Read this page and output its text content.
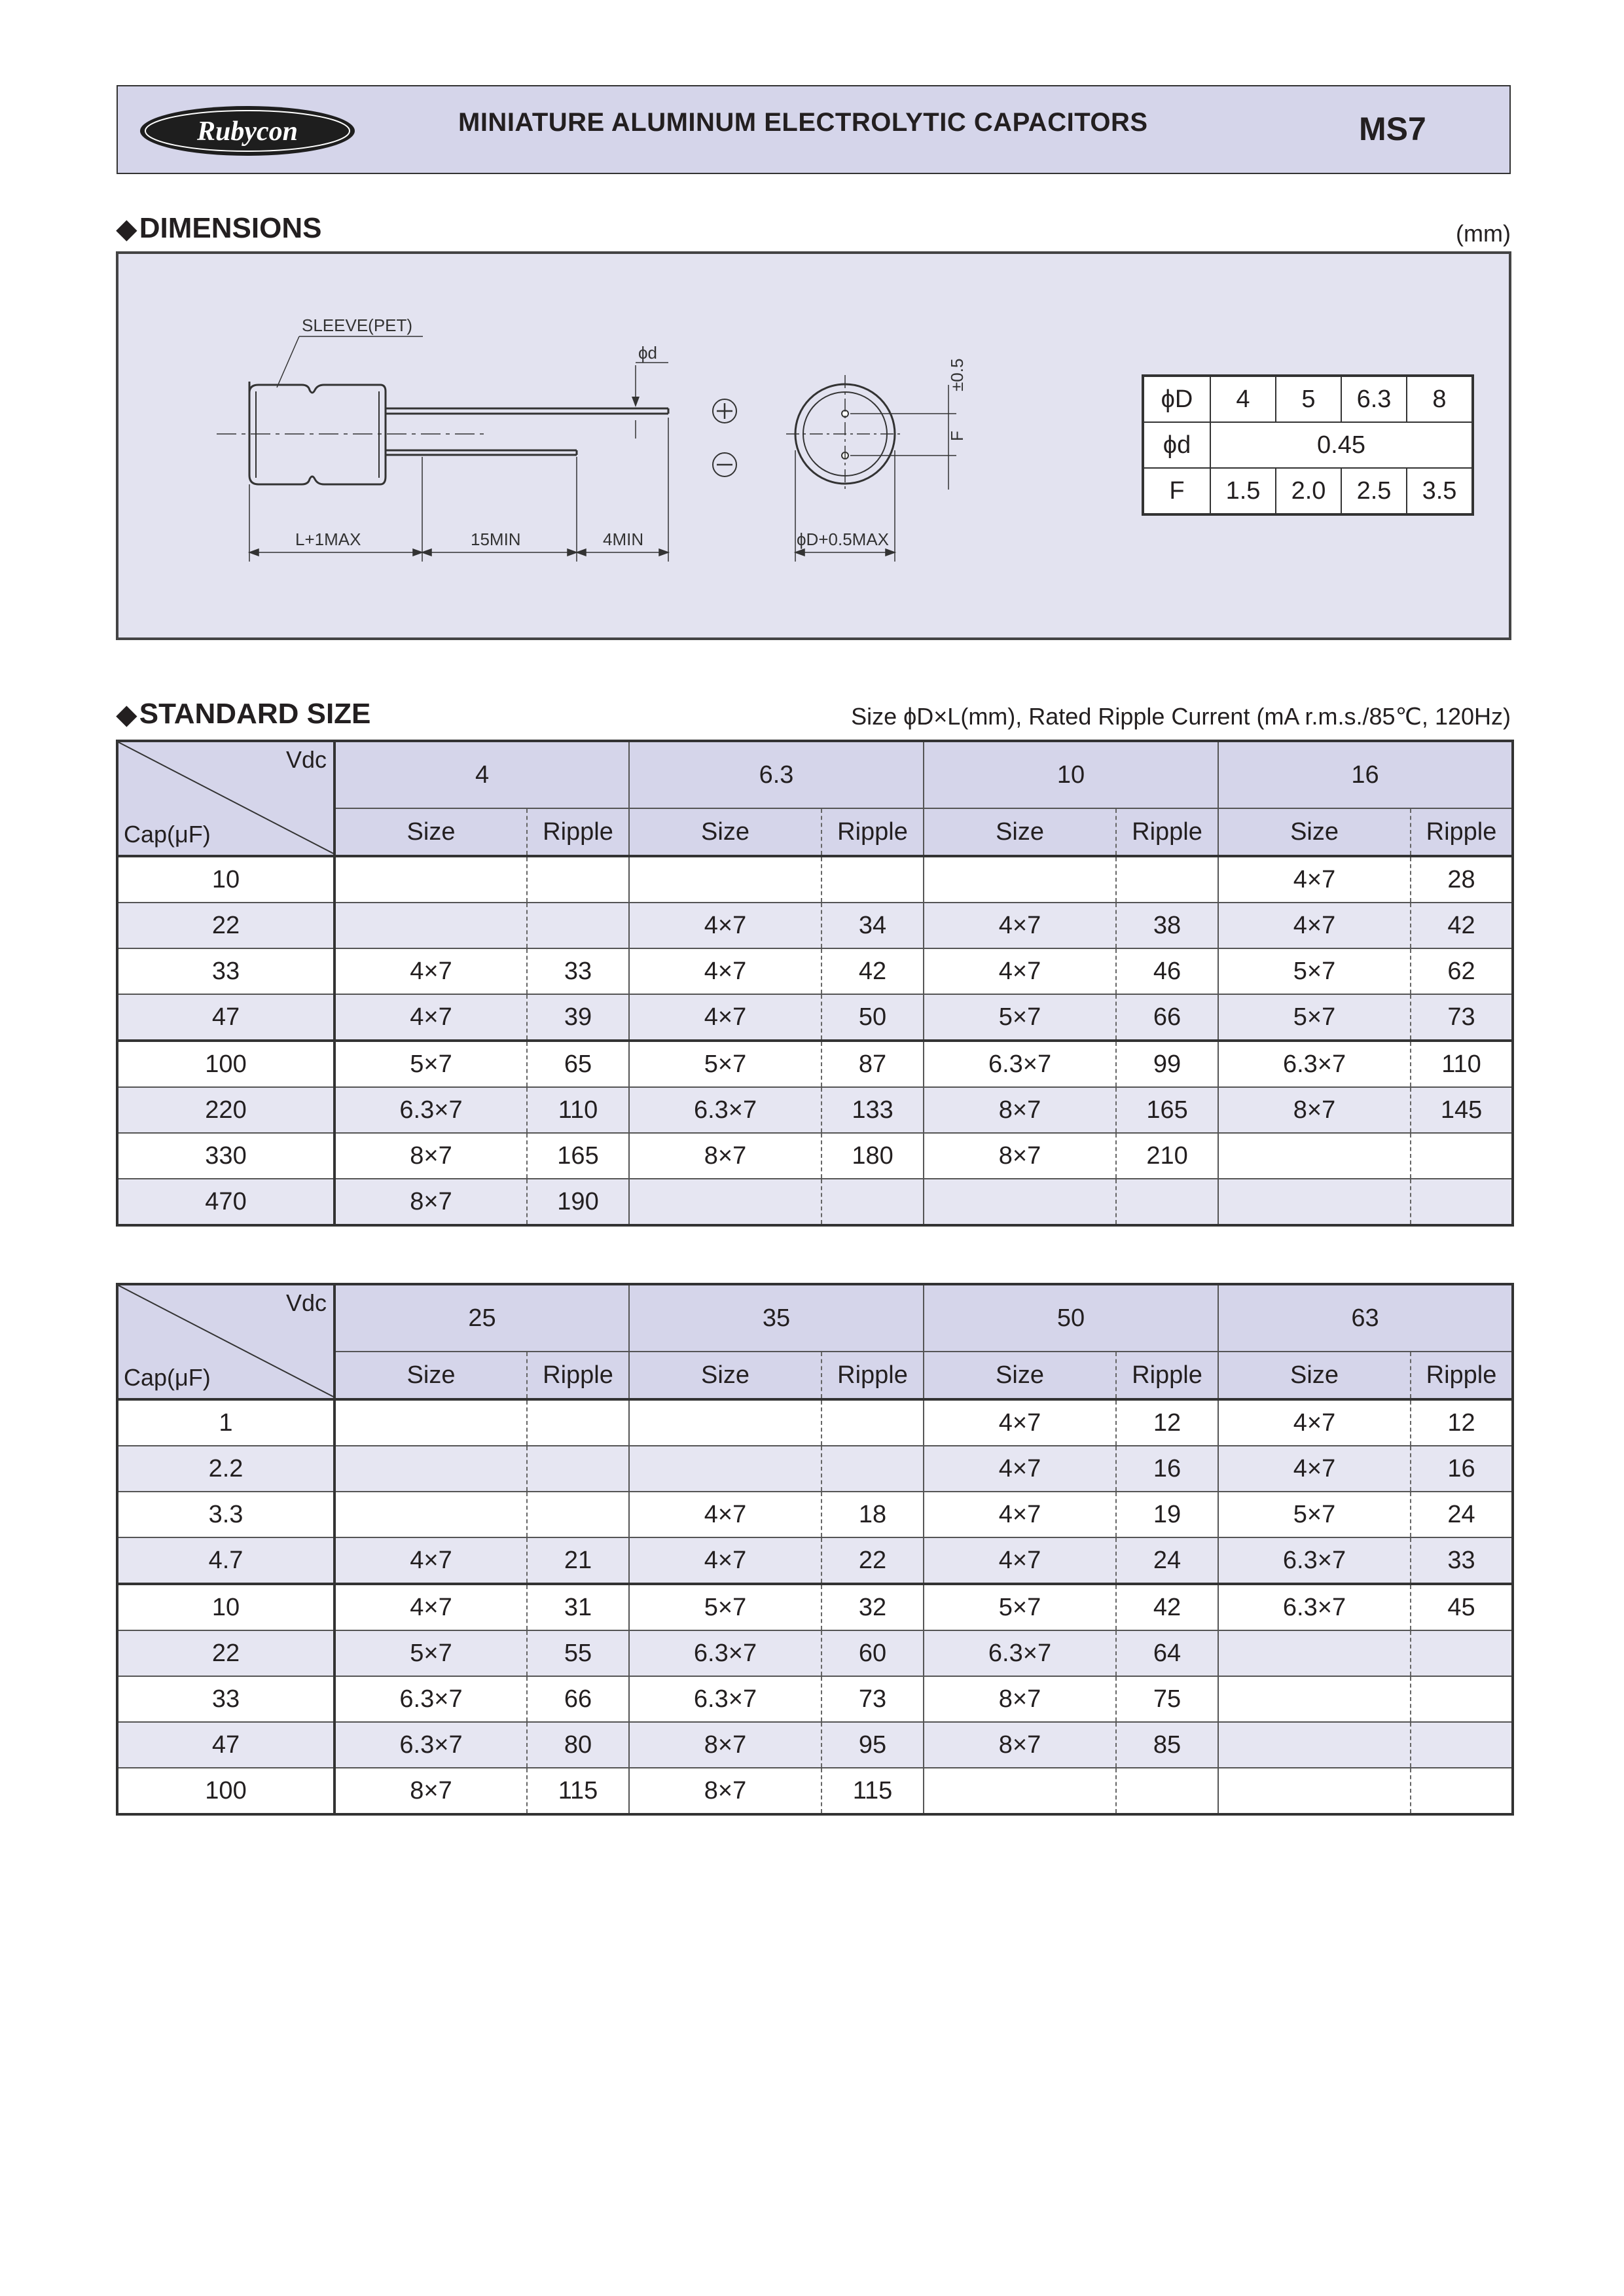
Rubycon	MINIATURE ALUMINUM ELECTROLYTIC CAPACITORS	MS7
◆DIMENSIONS	(mm)
SLEEVE(PET)
ϕd
±0.5
F
L+1MAX	15MIN	4MIN	ϕD+0.5MAX
ϕD	4	5	6.3	8
ϕd	0.45			
F	1.5	2.0	2.5	3.5
◆STANDARD SIZE	Size ϕD×L(mm), Rated Ripple Current (mA r.m.s./85℃, 120Hz)
Vdc
Cap(μF)	4		6.3		10		16	
	Size	Ripple	Size	Ripple	Size	Ripple	Size	Ripple
10							4×7	28
22			4×7	34	4×7	38	4×7	42
33	4×7	33	4×7	42	4×7	46	5×7	62
47	4×7	39	4×7	50	5×7	66	5×7	73
100	5×7	65	5×7	87	6.3×7	99	6.3×7	110
220	6.3×7	110	6.3×7	133	8×7	165	8×7	145
330	8×7	165	8×7	180	8×7	210		
470	8×7	190						
Vdc
Cap(μF)	25		35		50		63	
	Size	Ripple	Size	Ripple	Size	Ripple	Size	Ripple
1					4×7	12	4×7	12
2.2					4×7	16	4×7	16
3.3			4×7	18	4×7	19	5×7	24
4.7	4×7	21	4×7	22	4×7	24	6.3×7	33
10	4×7	31	5×7	32	5×7	42	6.3×7	45
22	5×7	55	6.3×7	60	6.3×7	64		
33	6.3×7	66	6.3×7	73	8×7	75		
47	6.3×7	80	8×7	95	8×7	85		
100	8×7	115	8×7	115				
